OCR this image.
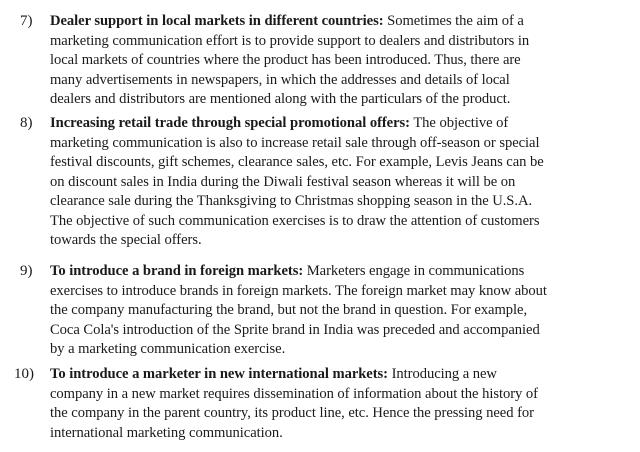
7) Dealer support in local markets in different countries: Sometimes the aim of a
marketing communication effort is to provide support to dealers and distributors in
local markets of countries where the product has been introduced. Thus, there are
many advertisements in newspapers, in which the addresses and details of local
dealers and distributors are mentioned along with the particulars of the product.
8) Increasing retail trade through special promotional offers: The objective of
marketing communication is also to increase retail sale through off-season or special
festival discounts, gift schemes, clearance sales, etc. For example, Levis Jeans can be
on discount sales in India during the Diwali festival season whereas it will be on
clearance sale during the Thanksgiving to Christmas shopping season in the U.S.A.
The objective of such communication exercises is to draw the attention of customers
towards the special offers.
9) To introduce a brand in foreign markets: Marketers engage in communications
exercises to introduce brands in foreign markets. The foreign market may know about
the company manufacturing the brand, but not the brand in question. For example,
Coca Cola's introduction of the Sprite brand in India was preceded and accompanied
by a marketing communication exercise.
10) To introduce a marketer in new international markets: Introducing a new
company in a new market requires dissemination of information about the history of
the company in the parent country, its product line, etc. Hence the pressing need for
international marketing communication.
